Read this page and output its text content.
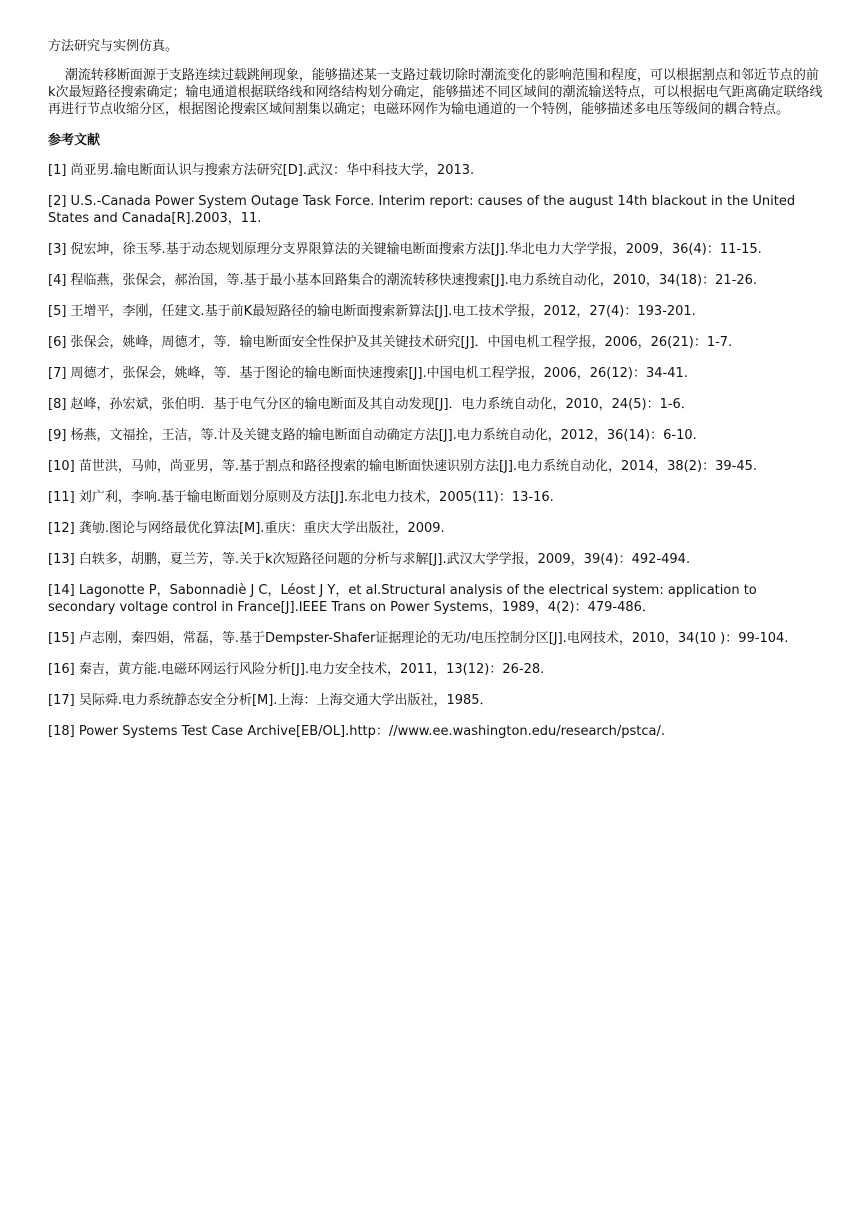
方法研究与实例仿真。

潮流转移断面源于支路连续过载跳闸现象，能够描述某一支路过载切除时潮流变化的影响范围和程度，可以根据割点和邻近节点的前k次最短路径搜索确定；输电通道根据联络线和网络结构划分确定，能够描述不同区域间的潮流输送特点，可以根据电气距离确定联络线再进行节点收缩分区，根据图论搜索区域间割集以确定；电磁环网作为输电通道的一个特例，能够描述多电压等级间的耦合特点。

参考文献
[1] 尚亚男.输电断面认识与搜索方法研究[D].武汉：华中科技大学，2013.
[2] U.S.-Canada Power System Outage Task Force. Interim report: causes of the august 14th blackout in the United States and Canada[R].2003，11.
[3] 倪宏坤，徐玉琴.基于动态规划原理分支界限算法的关键输电断面搜索方法[J].华北电力大学学报，2009，36(4)：11-15.
[4] 程临燕，张保会，郝治国，等.基于最小基本回路集合的潮流转移快速搜索[J].电力系统自动化，2010，34(18)：21-26.
[5] 王增平，李刚，任建文.基于前K最短路径的输电断面搜索新算法[J].电工技术学报，2012，27(4)：193-201.
[6] 张保会，姚峰，周德才，等．输电断面安全性保护及其关键技术研究[J]．中国电机工程学报，2006，26(21)：1-7.
[7] 周德才，张保会，姚峰，等．基于图论的输电断面快速搜索[J].中国电机工程学报，2006，26(12)：34-41.
[8] 赵峰，孙宏斌，张伯明．基于电气分区的输电断面及其自动发现[J]．电力系统自动化，2010，24(5)：1-6．
[9] 杨燕，文福拴，王洁，等.计及关键支路的输电断面自动确定方法[J].电力系统自动化，2012，36(14)：6-10.
[10] 苗世洪，马帅，尚亚男，等.基于割点和路径搜索的输电断面快速识别方法[J].电力系统自动化，2014，38(2)：39-45.
[11] 刘广利，李响.基于输电断面划分原则及方法[J].东北电力技术，2005(11)：13-16.
[12] 龚劬.图论与网络最优化算法[M].重庆：重庆大学出版社，2009.
[13] 白轶多，胡鹏，夏兰芳，等.关于k次短路径问题的分析与求解[J].武汉大学学报，2009，39(4)：492-494.
[14] Lagonotte P，Sabonnadiè J C，Léost J Y，et al.Structural analysis of the electrical system: application to secondary voltage control in France[J].IEEE Trans on Power Systems，1989，4(2)：479-486．
[15] 卢志刚，秦四娟，常磊，等.基于Dempster-Shafer证据理论的无功/电压控制分区[J].电网技术，2010，34(10 )：99-104.
[16] 秦吉，黄方能.电磁环网运行风险分析[J].电力安全技术，2011，13(12)：26-28.
[17] 吴际舜.电力系统静态安全分析[M].上海：上海交通大学出版社，1985．
[18] Power Systems Test Case Archive[EB/OL].http：//www.ee.washington.edu/research/pstca/.
